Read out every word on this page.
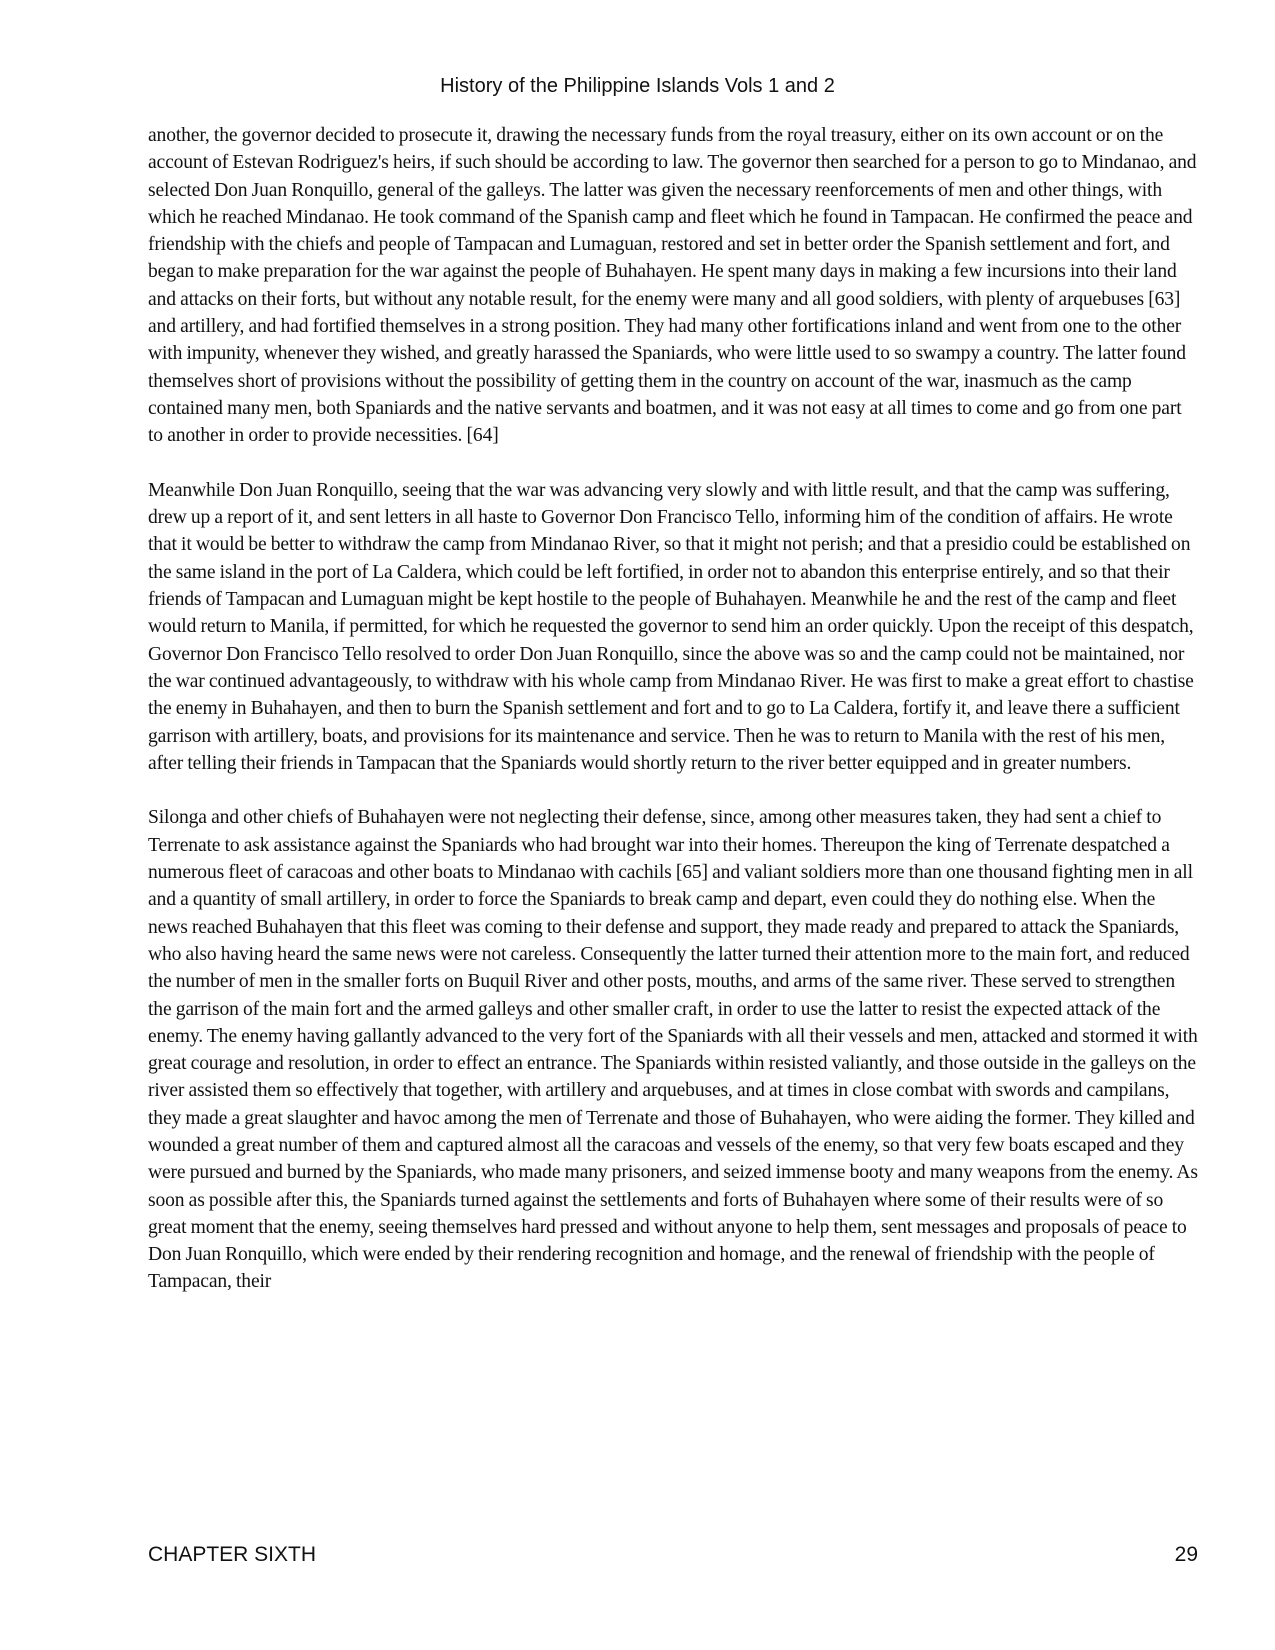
History of the Philippine Islands Vols 1 and 2

another, the governor decided to prosecute it, drawing the necessary funds from the royal treasury, either on its own account or on the account of Estevan Rodriguez's heirs, if such should be according to law. The governor then searched for a person to go to Mindanao, and selected Don Juan Ronquillo, general of the galleys. The latter was given the necessary reenforcements of men and other things, with which he reached Mindanao. He took command of the Spanish camp and fleet which he found in Tampacan. He confirmed the peace and friendship with the chiefs and people of Tampacan and Lumaguan, restored and set in better order the Spanish settlement and fort, and began to make preparation for the war against the people of Buhahayen. He spent many days in making a few incursions into their land and attacks on their forts, but without any notable result, for the enemy were many and all good soldiers, with plenty of arquebuses [63] and artillery, and had fortified themselves in a strong position. They had many other fortifications inland and went from one to the other with impunity, whenever they wished, and greatly harassed the Spaniards, who were little used to so swampy a country. The latter found themselves short of provisions without the possibility of getting them in the country on account of the war, inasmuch as the camp contained many men, both Spaniards and the native servants and boatmen, and it was not easy at all times to come and go from one part to another in order to provide necessities. [64]

Meanwhile Don Juan Ronquillo, seeing that the war was advancing very slowly and with little result, and that the camp was suffering, drew up a report of it, and sent letters in all haste to Governor Don Francisco Tello, informing him of the condition of affairs. He wrote that it would be better to withdraw the camp from Mindanao River, so that it might not perish; and that a presidio could be established on the same island in the port of La Caldera, which could be left fortified, in order not to abandon this enterprise entirely, and so that their friends of Tampacan and Lumaguan might be kept hostile to the people of Buhahayen. Meanwhile he and the rest of the camp and fleet would return to Manila, if permitted, for which he requested the governor to send him an order quickly. Upon the receipt of this despatch, Governor Don Francisco Tello resolved to order Don Juan Ronquillo, since the above was so and the camp could not be maintained, nor the war continued advantageously, to withdraw with his whole camp from Mindanao River. He was first to make a great effort to chastise the enemy in Buhahayen, and then to burn the Spanish settlement and fort and to go to La Caldera, fortify it, and leave there a sufficient garrison with artillery, boats, and provisions for its maintenance and service. Then he was to return to Manila with the rest of his men, after telling their friends in Tampacan that the Spaniards would shortly return to the river better equipped and in greater numbers.

Silonga and other chiefs of Buhahayen were not neglecting their defense, since, among other measures taken, they had sent a chief to Terrenate to ask assistance against the Spaniards who had brought war into their homes. Thereupon the king of Terrenate despatched a numerous fleet of caracoas and other boats to Mindanao with cachils [65] and valiant soldiers more than one thousand fighting men in all and a quantity of small artillery, in order to force the Spaniards to break camp and depart, even could they do nothing else. When the news reached Buhahayen that this fleet was coming to their defense and support, they made ready and prepared to attack the Spaniards, who also having heard the same news were not careless. Consequently the latter turned their attention more to the main fort, and reduced the number of men in the smaller forts on Buquil River and other posts, mouths, and arms of the same river. These served to strengthen the garrison of the main fort and the armed galleys and other smaller craft, in order to use the latter to resist the expected attack of the enemy. The enemy having gallantly advanced to the very fort of the Spaniards with all their vessels and men, attacked and stormed it with great courage and resolution, in order to effect an entrance. The Spaniards within resisted valiantly, and those outside in the galleys on the river assisted them so effectively that together, with artillery and arquebuses, and at times in close combat with swords and campilans, they made a great slaughter and havoc among the men of Terrenate and those of Buhahayen, who were aiding the former. They killed and wounded a great number of them and captured almost all the caracoas and vessels of the enemy, so that very few boats escaped and they were pursued and burned by the Spaniards, who made many prisoners, and seized immense booty and many weapons from the enemy. As soon as possible after this, the Spaniards turned against the settlements and forts of Buhahayen where some of their results were of so great moment that the enemy, seeing themselves hard pressed and without anyone to help them, sent messages and proposals of peace to Don Juan Ronquillo, which were ended by their rendering recognition and homage, and the renewal of friendship with the people of Tampacan, their

CHAPTER SIXTH	29
